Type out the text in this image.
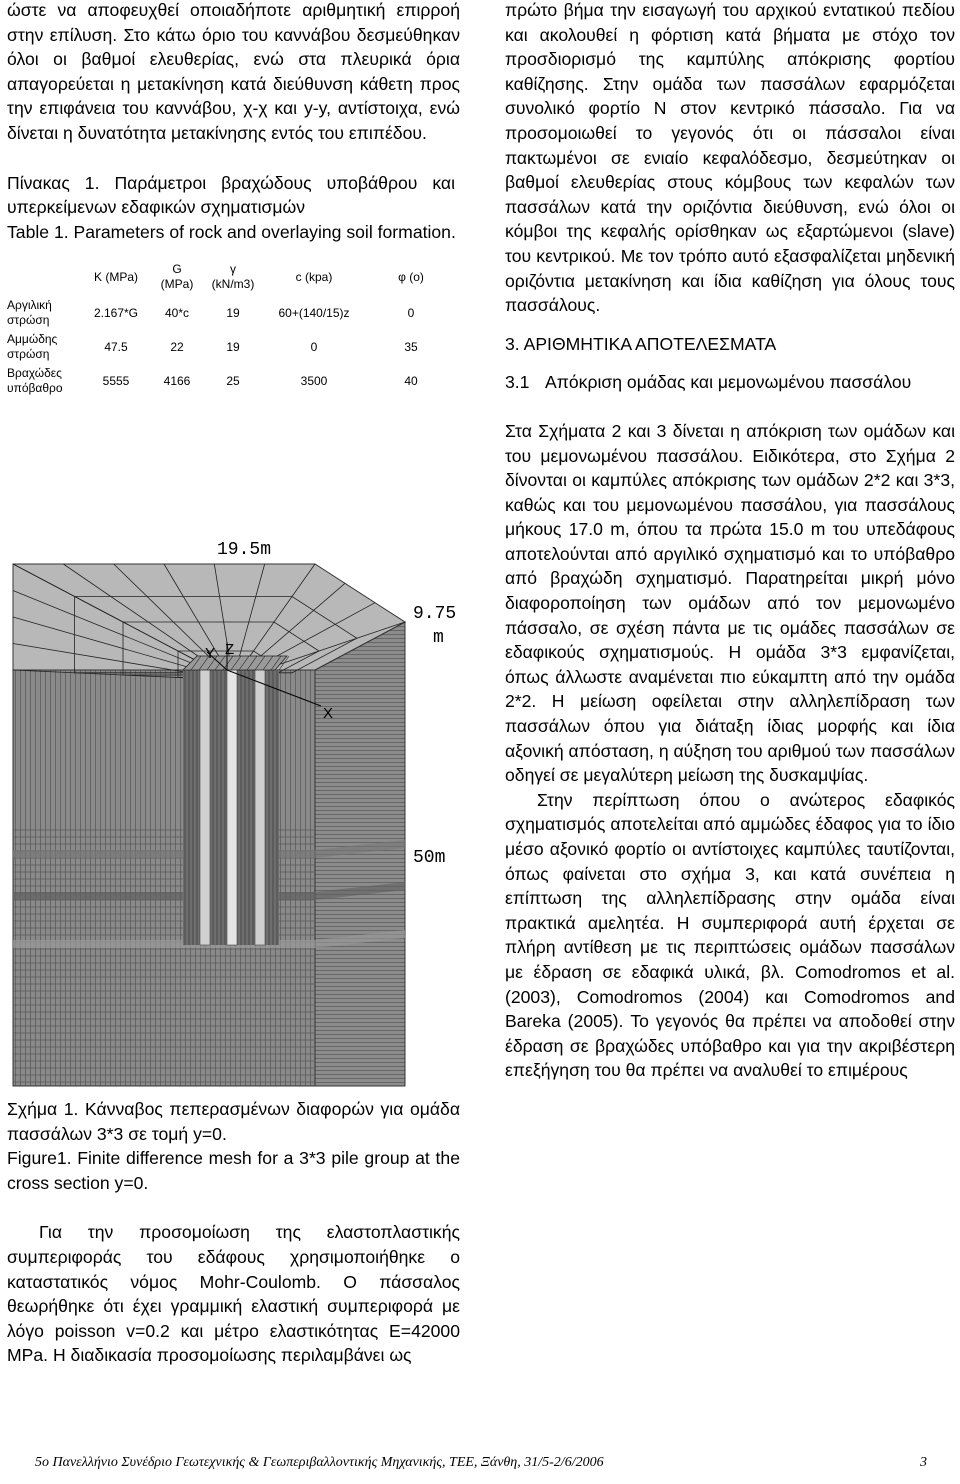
ώστε να αποφευχθεί οποιαδήποτε αριθμητική επιρροή στην επίλυση. Στο κάτω όριο του καννάβου δεσμεύθηκαν όλοι οι βαθμοί ελευθερίας, ενώ στα πλευρικά όρια απαγορεύεται η μετακίνηση κατά διεύθυνση κάθετη προς την επιφάνεια του καννάβου, χ-χ και y-y, αντίστοιχα, ενώ δίνεται η δυνατότητα μετακίνησης εντός του επιπέδου.

Πίνακας 1. Παράμετροι βραχώδους υποβάθρου και υπερκείμενων εδαφικών σχηματισμών

Table 1. Parameters of rock and overlaying soil formation.

	K (MPa)	G (MPa)	γ (kN/m3)	c (kpa)	φ (o)
Αργιλική στρώση	2.167*G	40*c	19	60+(140/15)z	0
Αμμώδης στρώση	47.5	22	19	0	35
Βραχώδες υπόβαθρο	5555	4166	25	3500	40
19.5m
9.75 m
50m
Y Z
X

Σχήμα 1. Κάνναβος πεπερασμένων διαφορών για ομάδα πασσάλων 3*3 σε τομή y=0.

Figure1. Finite difference mesh for a 3*3 pile group at the cross section y=0.

Για την προσομοίωση της ελαστοπλαστικής συμπεριφοράς του εδάφους χρησιμοποιήθηκε ο καταστατικός νόμος Mohr-Coulomb. Ο πάσσαλος θεωρήθηκε ότι έχει γραμμική ελαστική συμπεριφορά με λόγο poisson v=0.2 και μέτρο ελαστικότητας E=42000 MPa. Η διαδικασία προσομοίωσης περιλαμβάνει ως

πρώτο βήμα την εισαγωγή του αρχικού εντατικού πεδίου και ακολουθεί η φόρτιση κατά βήματα με στόχο τον προσδιορισμό της καμπύλης απόκρισης φορτίου καθίζησης. Στην ομάδα των πασσάλων εφαρμόζεται συνολικό φορτίο Ν στον κεντρικό πάσσαλο. Για να προσομοιωθεί το γεγονός ότι οι πάσσαλοι είναι πακτωμένοι σε ενιαίο κεφαλόδεσμο, δεσμεύτηκαν οι βαθμοί ελευθερίας στους κόμβους των κεφαλών των πασσάλων κατά την οριζόντια διεύθυνση, ενώ όλοι οι κόμβοι της κεφαλής ορίσθηκαν ως εξαρτώμενοι (slave) του κεντρικού. Με τον τρόπο αυτό εξασφαλίζεται μηδενική οριζόντια μετακίνηση και ίδια καθίζηση για όλους τους πασσάλους.

3. ΑΡΙΘΜΗΤΙΚΑ ΑΠΟΤΕΛΕΣΜΑΤΑ

3.1 Απόκριση ομάδας και μεμονωμένου πασσάλου

Στα Σχήματα 2 και 3 δίνεται η απόκριση των ομάδων και του μεμονωμένου πασσάλου. Ειδικότερα, στο Σχήμα 2 δίνονται οι καμπύλες απόκρισης των ομάδων 2*2 και 3*3, καθώς και του μεμονωμένου πασσάλου, για πασσάλους μήκους 17.0 m, όπου τα πρώτα 15.0 m του υπεδάφους αποτελούνται από αργιλικό σχηματισμό και το υπόβαθρο από βραχώδη σχηματισμό. Παρατηρείται μικρή μόνο διαφοροποίηση των ομάδων από τον μεμονωμένο πάσσαλο, σε σχέση πάντα με τις ομάδες πασσάλων σε εδαφικούς σχηματισμούς. Η ομάδα 3*3 εμφανίζεται, όπως άλλωστε αναμένεται πιο εύκαμπτη από την ομάδα 2*2. Η μείωση οφείλεται στην αλληλεπίδραση των πασσάλων όπου για διάταξη ίδιας μορφής και ίδια αξονική απόσταση, η αύξηση του αριθμού των πασσάλων οδηγεί σε μεγαλύτερη μείωση της δυσκαμψίας.

Στην περίπτωση όπου ο ανώτερος εδαφικός σχηματισμός αποτελείται από αμμώδες έδαφος για το ίδιο μέσο αξονικό φορτίο οι αντίστοιχες καμπύλες ταυτίζονται, όπως φαίνεται στο σχήμα 3, και κατά συνέπεια η επίπτωση της αλληλεπίδρασης στην ομάδα είναι πρακτικά αμελητέα. Η συμπεριφορά αυτή έρχεται σε πλήρη αντίθεση με τις περιπτώσεις ομάδων πασσάλων με έδραση σε εδαφικά υλικά, βλ. Comodromos et al. (2003), Comodromos (2004) και Comodromos and Bareka (2005). Το γεγονός θα πρέπει να αποδοθεί στην έδραση σε βραχώδες υπόβαθρο και για την ακριβέστερη επεξήγηση του θα πρέπει να αναλυθεί το επιμέρους

5ο Πανελλήνιο Συνέδριο Γεωτεχνικής & Γεωπεριβαλλοντικής Μηχανικής, ΤΕΕ, Ξάνθη, 31/5-2/6/2006	3
